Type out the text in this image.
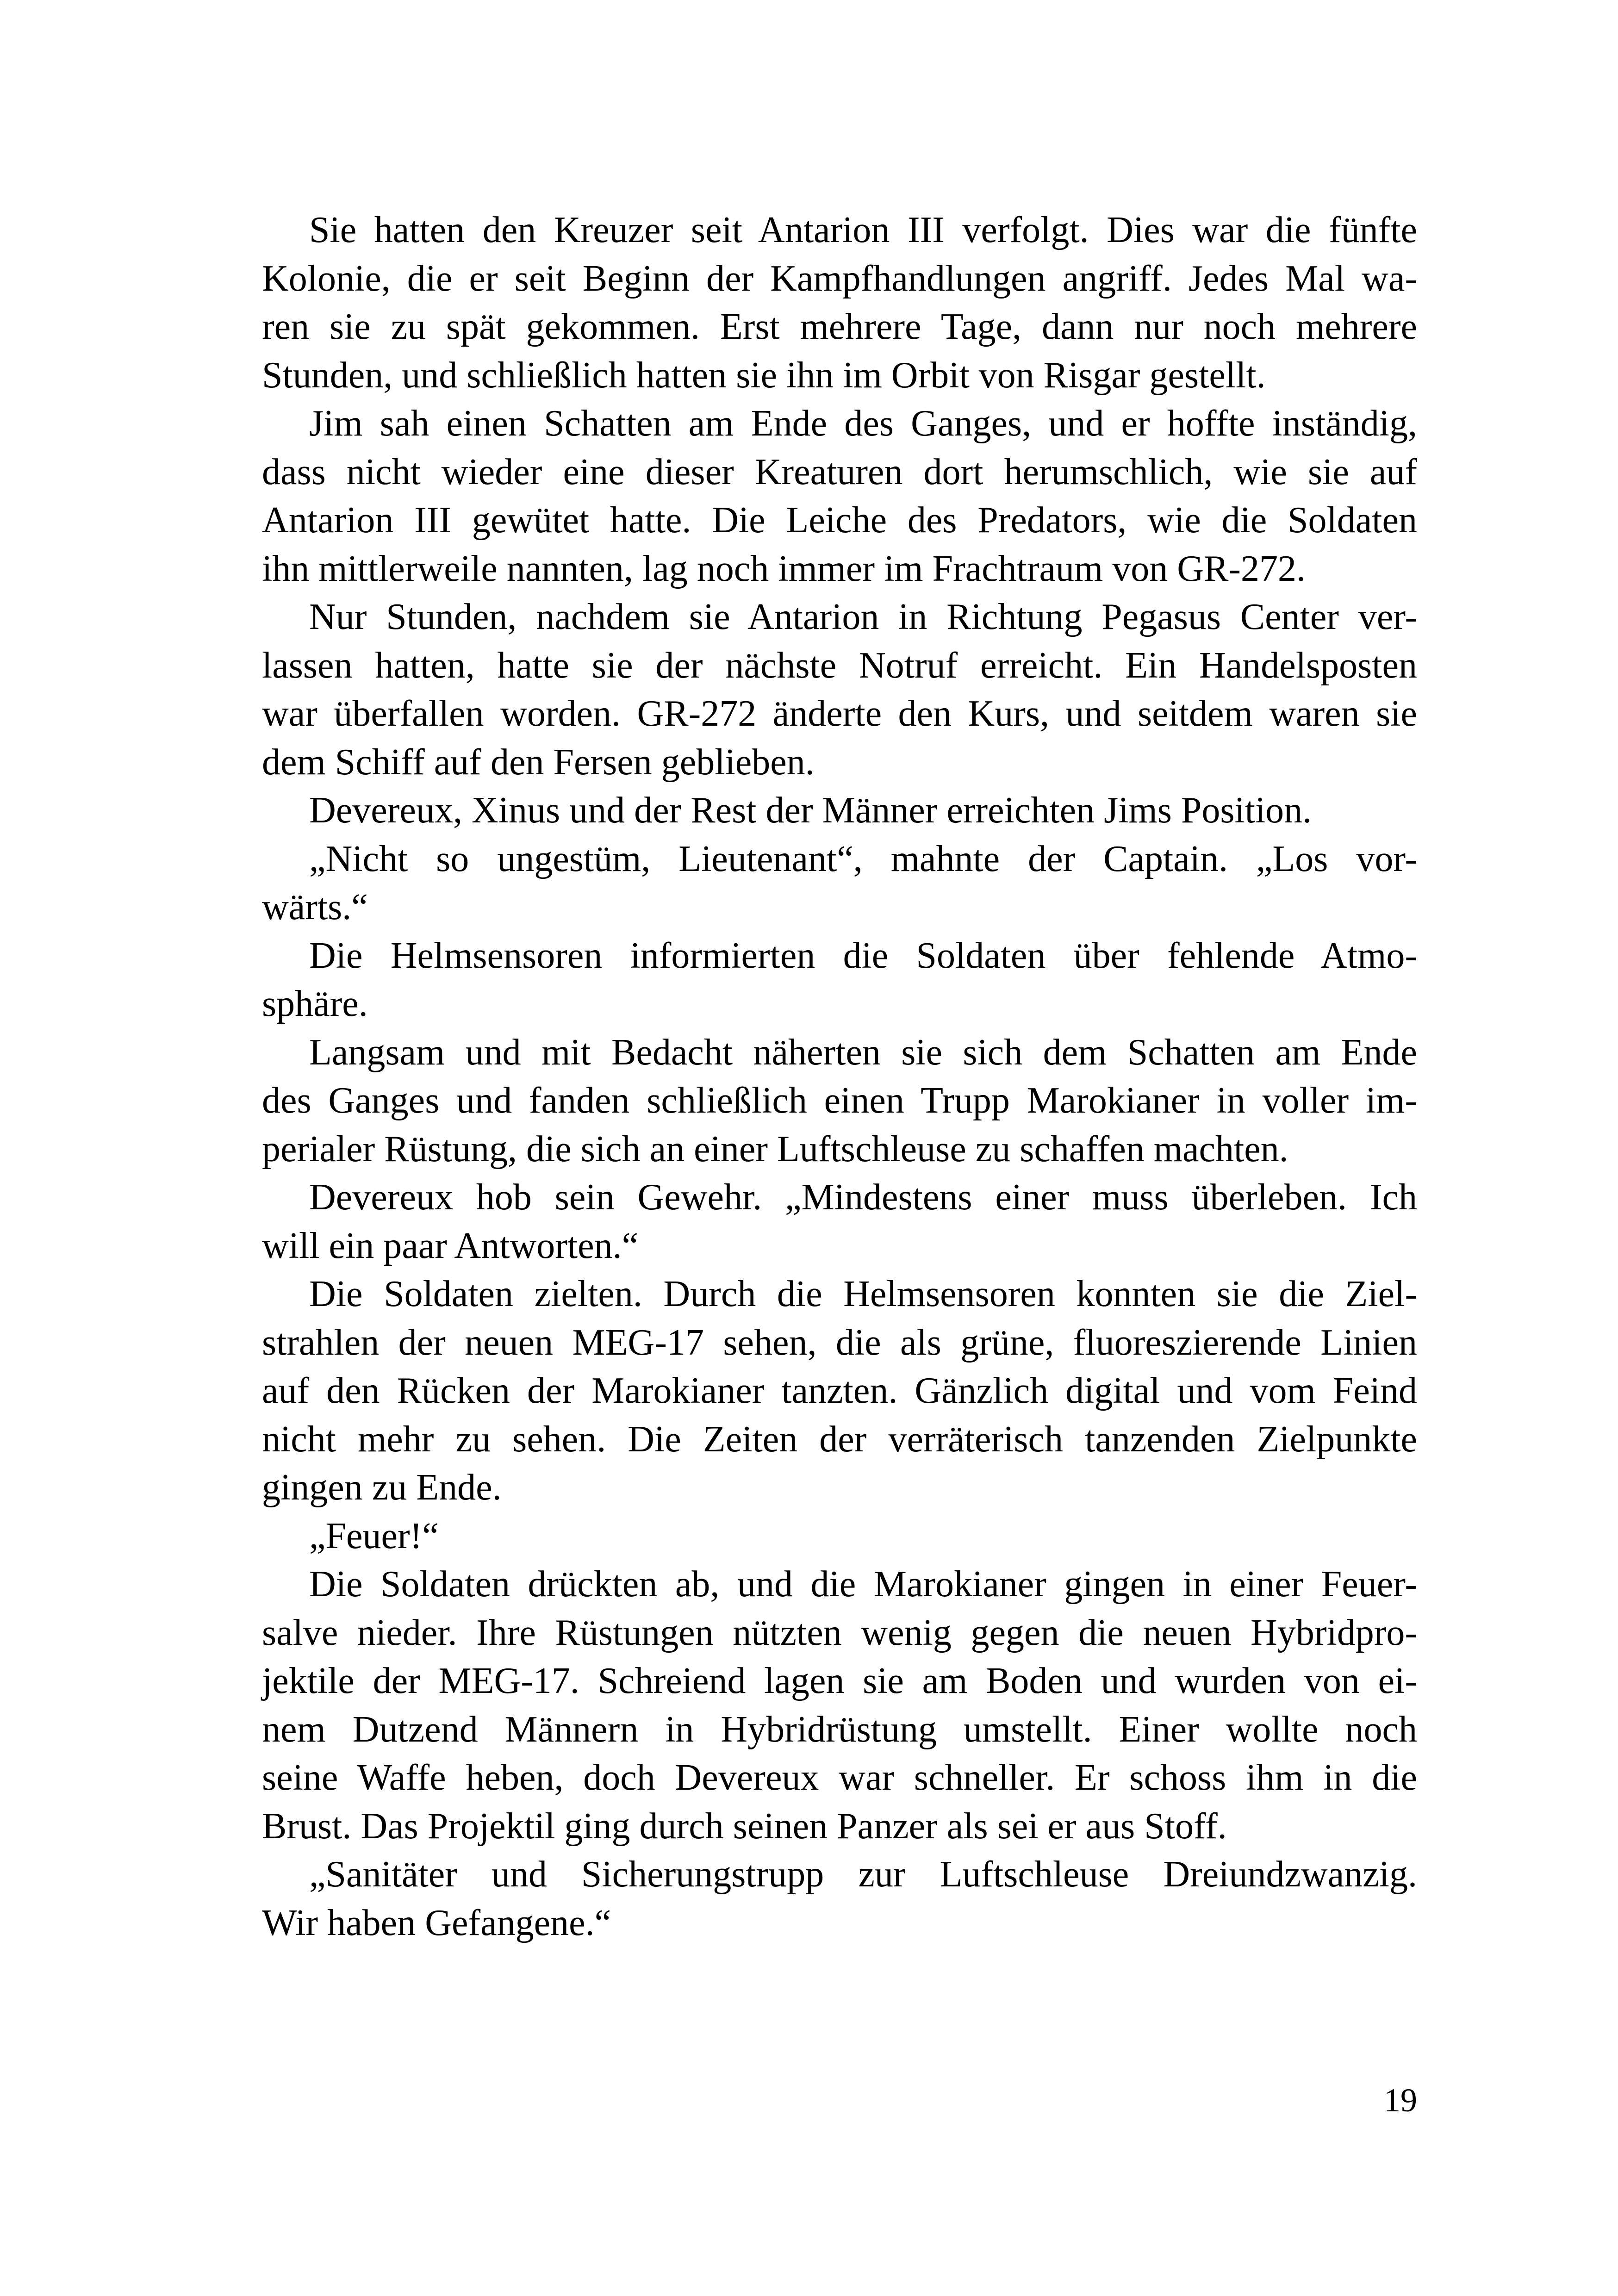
Sie hatten den Kreuzer seit Antarion III verfolgt. Dies war die fünfte
Kolonie, die er seit Beginn der Kampfhandlungen angriff. Jedes Mal wa-
ren sie zu spät gekommen. Erst mehrere Tage, dann nur noch mehrere
Stunden, und schließlich hatten sie ihn im Orbit von Risgar gestellt.
Jim sah einen Schatten am Ende des Ganges, und er hoffte inständig,
dass nicht wieder eine dieser Kreaturen dort herumschlich, wie sie auf
Antarion III gewütet hatte. Die Leiche des Predators, wie die Soldaten
ihn mittlerweile nannten, lag noch immer im Frachtraum von GR-272.
Nur Stunden, nachdem sie Antarion in Richtung Pegasus Center ver-
lassen hatten, hatte sie der nächste Notruf erreicht. Ein Handelsposten
war überfallen worden. GR-272 änderte den Kurs, und seitdem waren sie
dem Schiff auf den Fersen geblieben.
Devereux, Xinus und der Rest der Männer erreichten Jims Position.
„Nicht so ungestüm, Lieutenant“, mahnte der Captain. „Los vor-
wärts.“
Die Helmsensoren informierten die Soldaten über fehlende Atmo-
sphäre.
Langsam und mit Bedacht näherten sie sich dem Schatten am Ende
des Ganges und fanden schließlich einen Trupp Marokianer in voller im-
perialer Rüstung, die sich an einer Luftschleuse zu schaffen machten.
Devereux hob sein Gewehr. „Mindestens einer muss überleben. Ich
will ein paar Antworten.“
Die Soldaten zielten. Durch die Helmsensoren konnten sie die Ziel-
strahlen der neuen MEG-17 sehen, die als grüne, fluoreszierende Linien
auf den Rücken der Marokianer tanzten. Gänzlich digital und vom Feind
nicht mehr zu sehen. Die Zeiten der verräterisch tanzenden Zielpunkte
gingen zu Ende.
„Feuer!“
Die Soldaten drückten ab, und die Marokianer gingen in einer Feuer-
salve nieder. Ihre Rüstungen nützten wenig gegen die neuen Hybridpro-
jektile der MEG-17. Schreiend lagen sie am Boden und wurden von ei-
nem Dutzend Männern in Hybridrüstung umstellt. Einer wollte noch
seine Waffe heben, doch Devereux war schneller. Er schoss ihm in die
Brust. Das Projektil ging durch seinen Panzer als sei er aus Stoff.
„Sanitäter und Sicherungstrupp zur Luftschleuse Dreiundzwanzig.
Wir haben Gefangene.“
19
